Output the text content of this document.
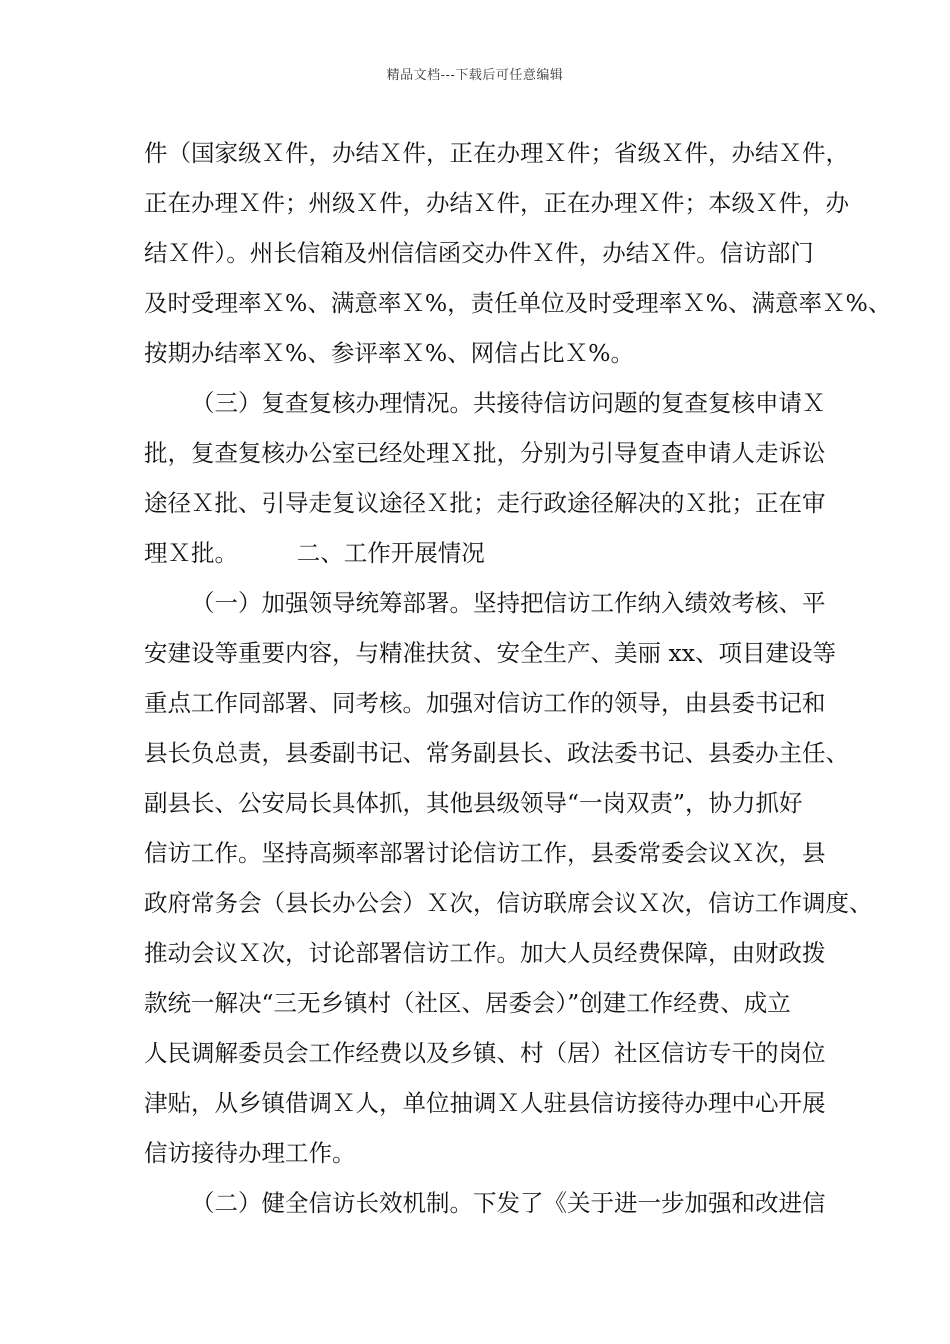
精品文档---下载后可任意编辑
件（国家级Ｘ件，办结Ｘ件，正在办理Ｘ件；省级Ｘ件，办结Ｘ件，
正在办理Ｘ件；州级Ｘ件，办结Ｘ件，正在办理Ｘ件；本级Ｘ件，办
结Ｘ件）。州长信箱及州信信函交办件Ｘ件，办结Ｘ件。信访部门
及时受理率Ｘ%、满意率Ｘ%，责任单位及时受理率Ｘ%、满意率Ｘ%、
按期办结率Ｘ%、参评率Ｘ%、网信占比Ｘ%。
（三）复查复核办理情况。共接待信访问题的复查复核申请Ｘ
批，复查复核办公室已经处理Ｘ批，分别为引导复查申请人走诉讼
途径Ｘ批、引导走复议途径Ｘ批；走行政途径解决的Ｘ批；正在审
理Ｘ批。　　　二、工作开展情况
（一）加强领导统筹部署。坚持把信访工作纳入绩效考核、平
安建设等重要内容，与精准扶贫、安全生产、美丽 xx、项目建设等
重点工作同部署、同考核。加强对信访工作的领导，由县委书记和
县长负总责，县委副书记、常务副县长、政法委书记、县委办主任、
副县长、公安局长具体抓，其他县级领导“一岗双责”，协力抓好
信访工作。坚持高频率部署讨论信访工作，县委常委会议Ｘ次，县
政府常务会（县长办公会）Ｘ次，信访联席会议Ｘ次，信访工作调度、
推动会议Ｘ次，讨论部署信访工作。加大人员经费保障，由财政拨
款统一解决“三无乡镇村（社区、居委会）”创建工作经费、成立
人民调解委员会工作经费以及乡镇、村（居）社区信访专干的岗位
津贴，从乡镇借调Ｘ人，单位抽调Ｘ人驻县信访接待办理中心开展
信访接待办理工作。
（二）健全信访长效机制。下发了《关于进一步加强和改进信
